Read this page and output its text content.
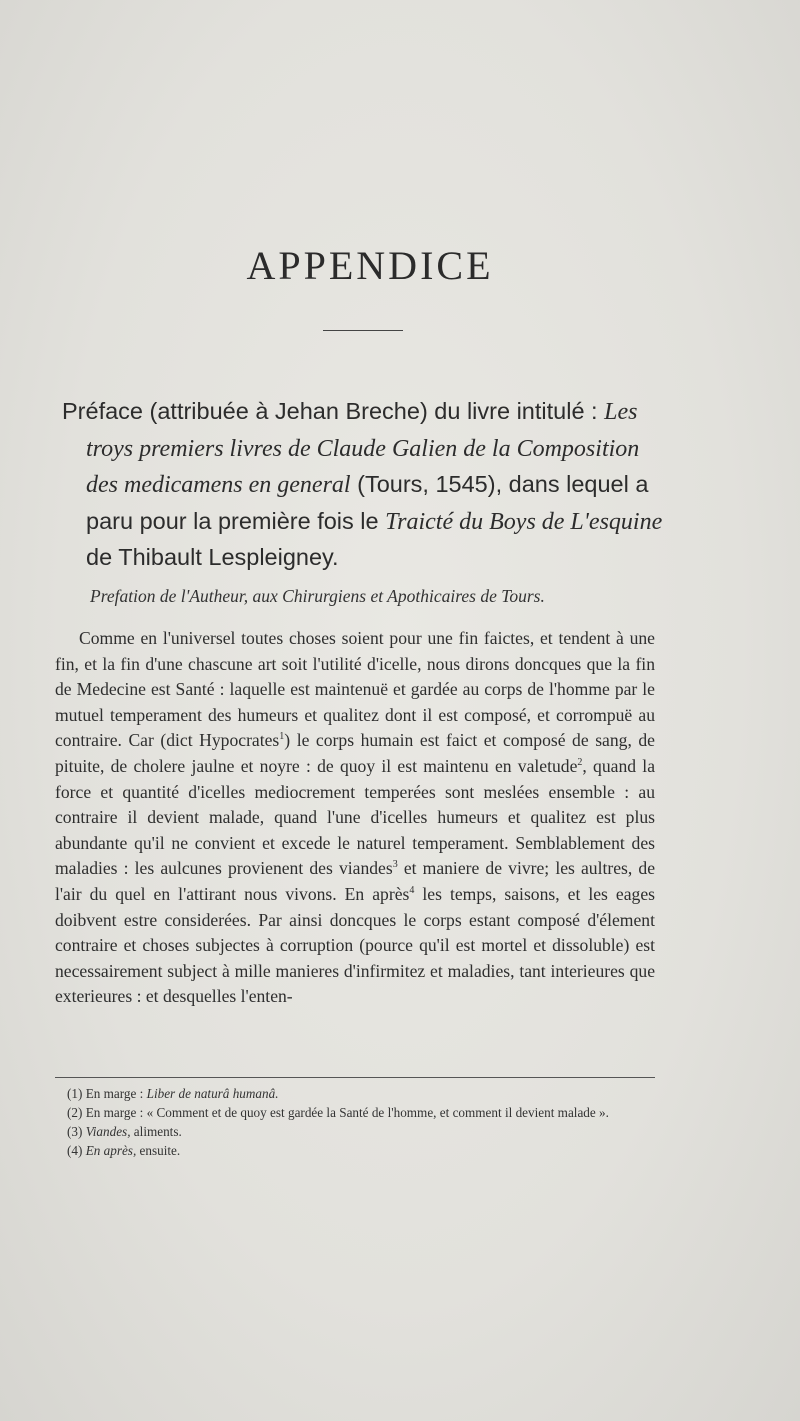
APPENDICE

Préface (attribuée à Jehan Breche) du livre intitulé : Les troys premiers livres de Claude Galien de la Composition des medicamens en general (Tours, 1545), dans lequel a paru pour la première fois le Traicté du Boys de L'esquine de Thibault Lespleigney.

Prefation de l'Autheur, aux Chirurgiens et Apothicaires de Tours.

Comme en l'universel toutes choses soient pour une fin faictes, et tendent à une fin, et la fin d'une chascune art soit l'utilité d'icelle, nous dirons doncques que la fin de Medecine est Santé : laquelle est maintenuë et gardée au corps de l'homme par le mutuel temperament des humeurs et qualitez dont il est composé, et corrompuë au contraire. Car (dict Hypocrates$^1$) le corps humain est faict et composé de sang, de pituite, de cholere jaulne et noyre : de quoy il est maintenu en valetude$^2$, quand la force et quantité d'icelles mediocrement temperées sont meslées ensemble : au contraire il devient malade, quand l'une d'icelles humeurs et qualitez est plus abundante qu'il ne convient et excede le naturel temperament. Semblablement des maladies : les aulcunes provienent des viandes$^3$ et maniere de vivre; les aultres, de l'air du quel en l'attirant nous vivons. En après$^4$ les temps, saisons, et les eages doibvent estre considerées. Par ainsi doncques le corps estant composé d'élement contraire et choses subjectes à corruption (pource qu'il est mortel et dissoluble) est necessairement subject à mille manieres d'infirmitez et maladies, tant interieures que exterieures : et desquelles l'enten-

(1) En marge : Liber de naturâ humanâ.

(2) En marge : « Comment et de quoy est gardée la Santé de l'homme, et comment il devient malade ».

(3) Viandes, aliments.

(4) En après, ensuite.
